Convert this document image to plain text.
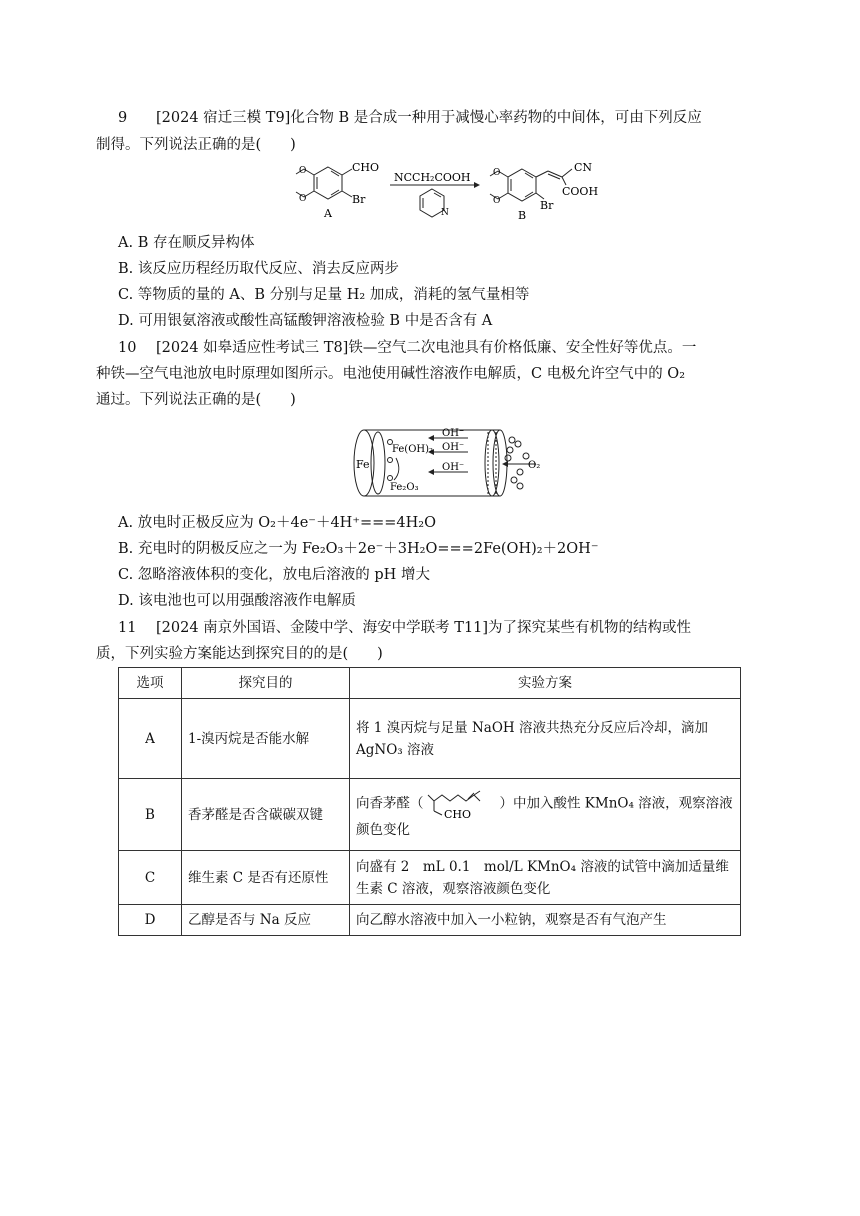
9 [2024 宿迁三模 T9]化合物 B 是合成一种用于减慢心率药物的中间体，可由下列反应
制得。下列说法正确的是(　　)
O
O
CHO
Br
A
NCCH₂COOH
N
O
O
CN
COOH
Br
B
A. B 存在顺反异构体
B. 该反应历程经历取代反应、消去反应两步
C. 等物质的量的 A、B 分别与足量 H₂ 加成，消耗的氢气量相等
D. 可用银氨溶液或酸性高锰酸钾溶液检验 B 中是否含有 A
10 [2024 如皋适应性考试三 T8]铁—空气二次电池具有价格低廉、安全性好等优点。一
种铁—空气电池放电时原理如图所示。电池使用碱性溶液作电解质，C 电极允许空气中的 O₂
通过。下列说法正确的是(　　)
Fe
Fe(OH)₂
Fe₂O₃
OH⁻
OH⁻
OH⁻	O₂
A. 放电时正极反应为 O₂＋4e⁻＋4H⁺===4H₂O
B. 充电时的阴极反应之一为 Fe₂O₃＋2e⁻＋3H₂O===2Fe(OH)₂＋2OH⁻
C. 忽略溶液体积的变化，放电后溶液的 pH 增大
D. 该电池也可以用强酸溶液作电解质
11 [2024 南京外国语、金陵中学、海安中学联考 T11]为了探究某些有机物的结构或性
质，下列实验方案能达到探究目的的是(　　)
选项	探究目的	实验方案
A	1-溴丙烷是否能水解	将 1 溴丙烷与足量 NaOH 溶液共热充分反应后冷却，滴加 AgNO₃ 溶液
B	香茅醛是否含碳碳双键	向香茅醛（
CHO
）中加入酸性 KMnO₄ 溶液，观察溶液颜色变化
C	维生素 C 是否有还原性	向盛有 2　mL 0.1　mol/L KMnO₄ 溶液的试管中滴加适量维生素 C 溶液，观察溶液颜色变化
D	乙醇是否与 Na 反应	向乙醇水溶液中加入一小粒钠，观察是否有气泡产生
